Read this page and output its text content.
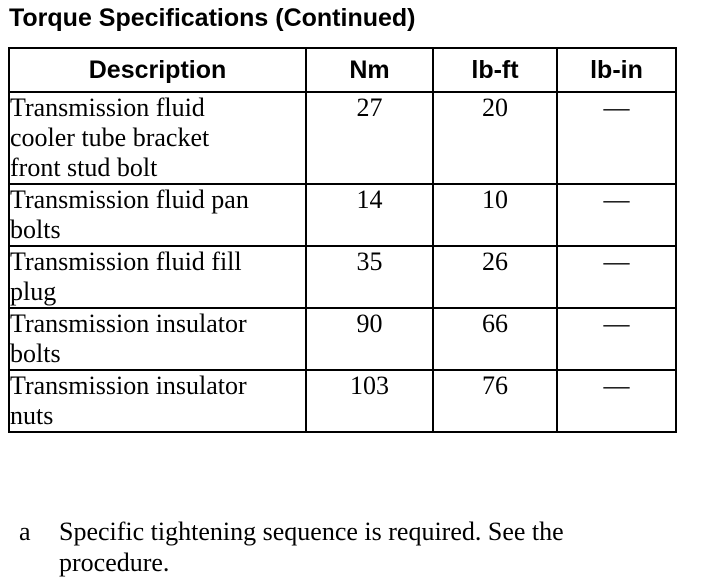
Torque Specifications (Continued)
Description	Nm	lb-ft	lb-in

Transmission fluid
cooler tube bracket
front stud bolt	27	20	—

Transmission fluid pan
bolts	14	10	—

Transmission fluid fill
plug	35	26	—

Transmission insulator
bolts	90	66	—

Transmission insulator
nuts	103	76	—
a Specific tightening sequence is required. See the
procedure.
